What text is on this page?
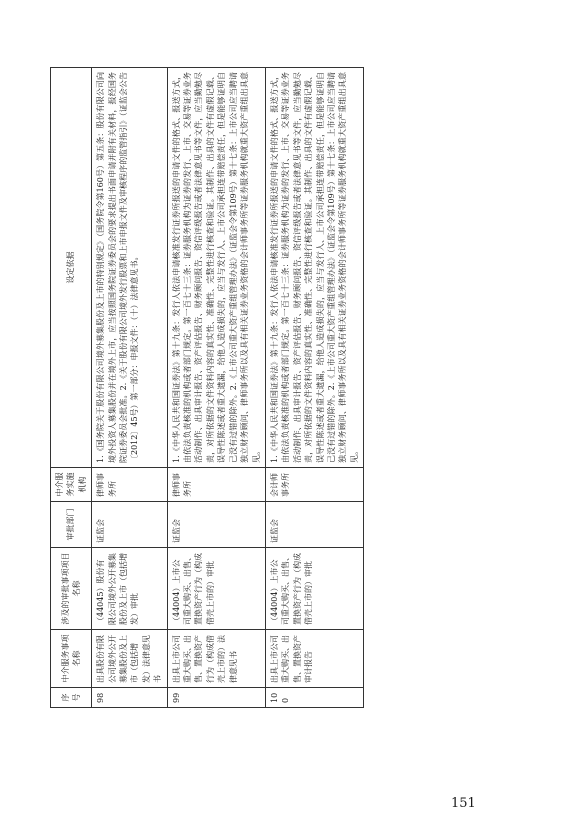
序号	中介服务事项名称	涉及的审批事项项目名称	审批部门	中介服务实施机构	设定依据
98	出具股份有限公司境外公开募集股份及上市（包括增发）法律意见书	（44045）股份有限公司境外公开募集股份及上市（包括增发）审批	证监会	律师事务所	1.《国务院关于股份有限公司境外募集股份及上市的特别规定》（国务院令第160号）第五条：股份有限公司向境外投资人募集股份并在境外上市，应当按照国务院证券委员会的要求提出书面申请并附有关材料，报经国务院证券委员会批准。2.《关于股份有限公司境外发行股票和上市申报文件及审核程序的监管指引》（证监会公告〔2012〕45号）第一部分：申报文件：（十）法律意见书。

99	出具上市公司重大购买、出售、置换资产行为（构成借壳上市的）法律意见书	（44004）上市公司重大购买、出售、置换资产行为（构成借壳上市的）审批	证监会	律师事务所	1.《中华人民共和国证券法》第十九条：发行人依法申请核准发行证券所报送的申请文件的格式、报送方式，由依法负责核准的机构或者部门规定。第一百七十三条：证券服务机构为证券的发行、上市、交易等证券业务活动制作、出具审计报告、资产评估报告、财务顾问报告、资信评级报告或者法律意见书等文件，应当勤勉尽责，对所依据的文件资料内容的真实性、准确性、完整性进行核查和验证。其制作、出具的文件有虚假记载、误导性陈述或者重大遗漏，给他人造成损失的，应当与发行人、上市公司承担连带赔偿责任，但是能够证明自己没有过错的除外。2.《上市公司重大资产重组管理办法》（证监会令第109号）第十七条：上市公司应当聘请独立财务顾问、律师事务所以及具有相关证券业务资格的会计师事务所等证券服务机构就重大资产重组出具意见。

100	出具上市公司重大购买、出售、置换资产审计报告	（44004）上市公司重大购买、出售、置换资产行为（构成借壳上市的）审批	证监会	会计师事务所	1.《中华人民共和国证券法》第十九条：发行人依法申请核准发行证券所报送的申请文件的格式、报送方式，由依法负责核准的机构或者部门规定。第一百七十三条：证券服务机构为证券的发行、上市、交易等证券业务活动制作、出具审计报告、资产评估报告、财务顾问报告、资信评级报告或者法律意见书等文件，应当勤勉尽责，对所依据的文件资料内容的真实性、准确性、完整性进行核查和验证。其制作、出具的文件有虚假记载、误导性陈述或者重大遗漏，给他人造成损失的，应当与发行人、上市公司承担连带赔偿责任，但是能够证明自己没有过错的除外。2.《上市公司重大资产重组管理办法》（证监会令第109号）第十七条：上市公司应当聘请独立财务顾问、律师事务所以及具有相关证券业务资格的会计师事务所等证券服务机构就重大资产重组出具意见。

151
